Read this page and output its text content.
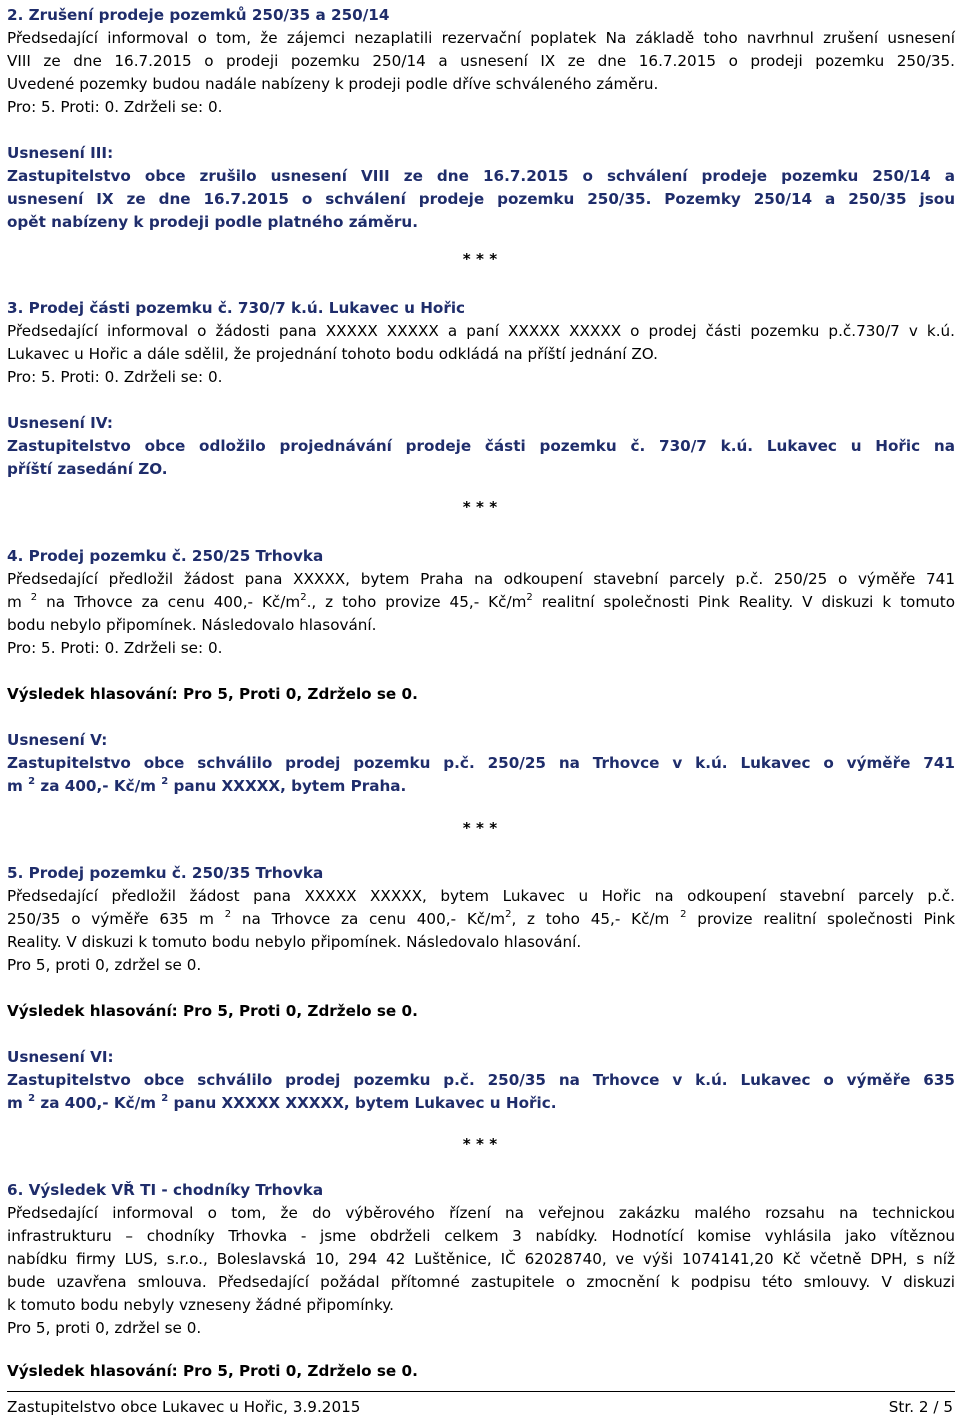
2. Zrušení prodeje pozemků 250/35 a 250/14
Předsedající informoval o tom, že zájemci nezaplatili rezervační poplatek Na základě toho navrhnul zrušení usnesení
VIII ze dne 16.7.2015 o prodeji pozemku 250/14 a usnesení IX ze dne 16.7.2015 o prodeji pozemku 250/35.
Uvedené pozemky budou nadále nabízeny k prodeji podle dříve schváleného záměru.
Pro: 5. Proti: 0. Zdrželi se: 0.
Usnesení III:
Zastupitelstvo obce zrušilo usnesení VIII ze dne 16.7.2015 o schválení prodeje pozemku 250/14 a
usnesení IX ze dne 16.7.2015 o schválení prodeje pozemku 250/35. Pozemky 250/14 a 250/35 jsou
opět nabízeny k prodeji podle platného záměru.
* * *
3. Prodej části pozemku č. 730/7 k.ú. Lukavec u Hořic
Předsedající informoval o žádosti pana XXXXX XXXXX a paní XXXXX XXXXX o prodej části pozemku p.č.730/7 v k.ú.
Lukavec u Hořic a dále sdělil, že projednání tohoto bodu odkládá na příští jednání ZO.
Pro: 5. Proti: 0. Zdrželi se: 0.
Usnesení IV:
Zastupitelstvo obce odložilo projednávání prodeje části pozemku č. 730/7 k.ú. Lukavec u Hořic na
příští zasedání ZO.
* * *
4. Prodej pozemku č. 250/25 Trhovka
Předsedající předložil žádost pana XXXXX, bytem Praha na odkoupení stavební parcely p.č. 250/25 o výměře 741
m $^2$ na Trhovce za cenu 400,- $Kč/m^2$., z toho provize 45,- $Kč/m^2$ realitní společnosti Pink Reality. V diskuzi k tomuto
bodu nebylo připomínek. Následovalo hlasování.
Pro: 5. Proti: 0. Zdrželi se: 0.
Výsledek hlasování: Pro 5, Proti 0, Zdrželo se 0.
Usnesení V:
Zastupitelstvo obce schválilo prodej pozemku p.č. 250/25 na Trhovce v k.ú. Lukavec o výměře 741
m $^2$ za 400,- Kč/m $^2$ panu XXXXX, bytem Praha.
* * *
5. Prodej pozemku č. 250/35 Trhovka
Předsedající předložil žádost pana XXXXX XXXXX, bytem Lukavec u Hořic na odkoupení stavební parcely p.č.
250/35 o výměře 635 m $^2$ na Trhovce za cenu 400,- $Kč/m^2$, z toho 45,- Kč/m $^2$ provize realitní společnosti Pink
Reality. V diskuzi k tomuto bodu nebylo připomínek. Následovalo hlasování.
Pro 5, proti 0, zdržel se 0.
Výsledek hlasování: Pro 5, Proti 0, Zdrželo se 0.
Usnesení VI:
Zastupitelstvo obce schválilo prodej pozemku p.č. 250/35 na Trhovce v k.ú. Lukavec o výměře 635
m $^2$ za 400,- Kč/m $^2$ panu XXXXX XXXXX, bytem Lukavec u Hořic.
* * *
6. Výsledek VŘ TI - chodníky Trhovka
Předsedající informoval o tom, že do výběrového řízení na veřejnou zakázku malého rozsahu na technickou
infrastrukturu – chodníky Trhovka - jsme obdrželi celkem 3 nabídky. Hodnotící komise vyhlásila jako vítěznou
nabídku firmy LUS, s.r.o., Boleslavská 10, 294 42 Luštěnice, IČ 62028740, ve výši 1074141,20 Kč včetně DPH, s níž
bude uzavřena smlouva. Předsedající požádal přítomné zastupitele o zmocnění k podpisu této smlouvy. V diskuzi
k tomuto bodu nebyly vzneseny žádné připomínky.
Pro 5, proti 0, zdržel se 0.
Výsledek hlasování: Pro 5, Proti 0, Zdrželo se 0.
Zastupitelstvo obce Lukavec u Hořic, 3.9.2015	Str. 2 / 5
